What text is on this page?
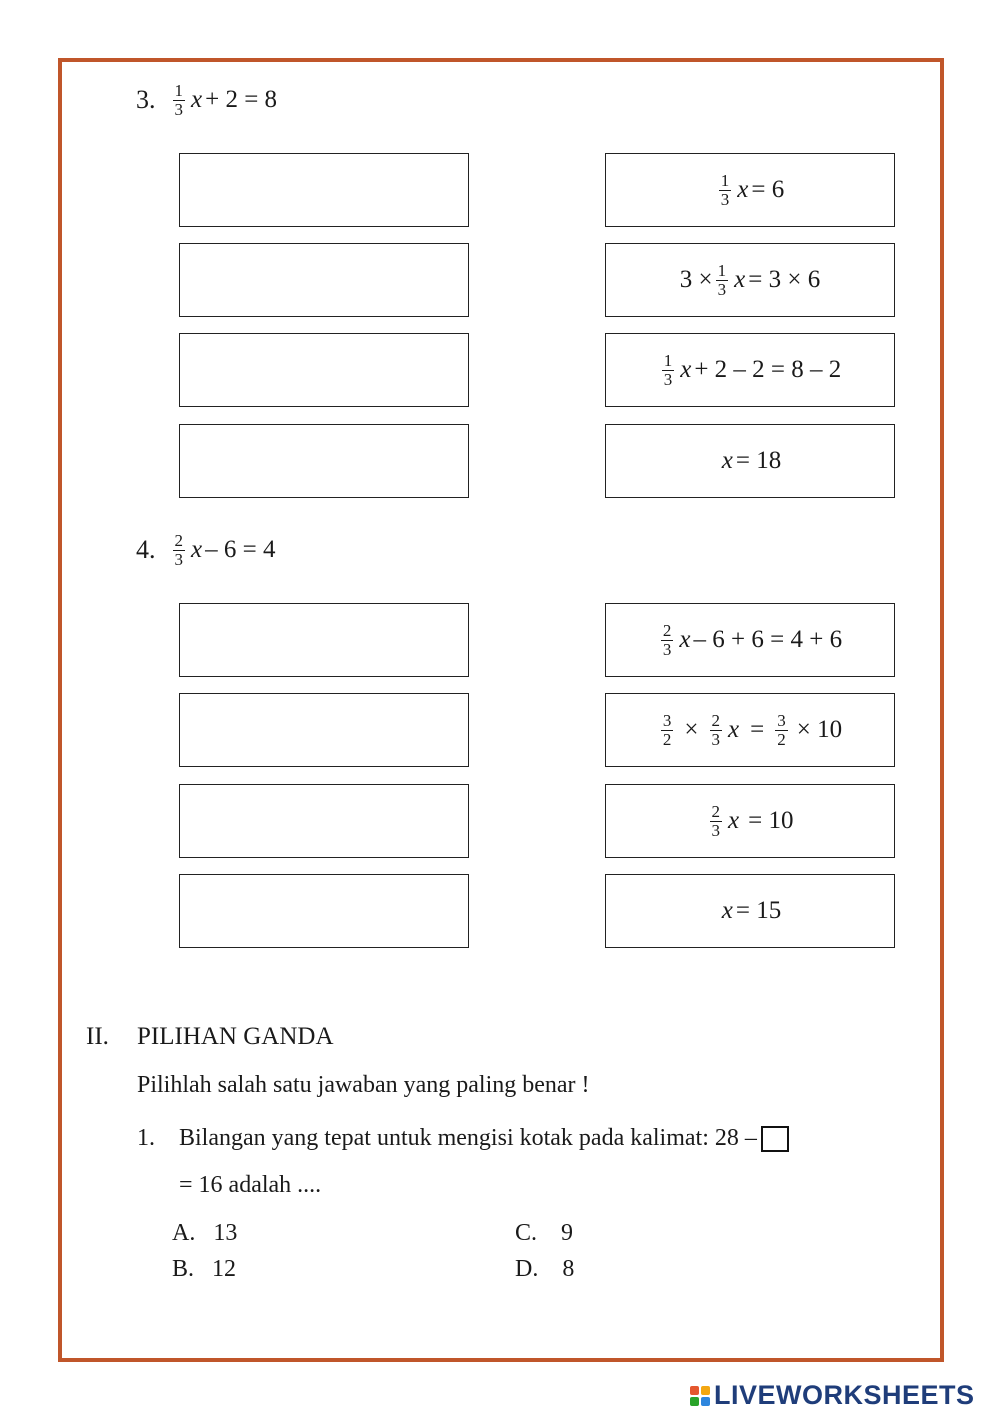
3. $\frac{1}{3}$ x + 2 = 8
$\frac{1}{3}$ x = 6
$3 \times \frac{1}{3}$ x = 3 × 6
$\frac{1}{3}$ x + 2 – 2 = 8 – 2
x = 18
4. $\frac{2}{3}$ x – 6 = 4
$\frac{2}{3}$ x – 6 + 6 = 4 + 6
$\frac{3}{2} \times \frac{2}{3}$ $x = \frac{3}{2} \times 10$
$\frac{2}{3}$ x = 10
x = 15
II. PILIHAN GANDA
Pilihlah salah satu jawaban yang paling benar !
1. Bilangan yang tepat untuk mengisi kotak pada kalimat: 28 –
= 16 adalah ....
A. 13
B. 12
C. 9
D. 8
LIVEWORKSHEETS
